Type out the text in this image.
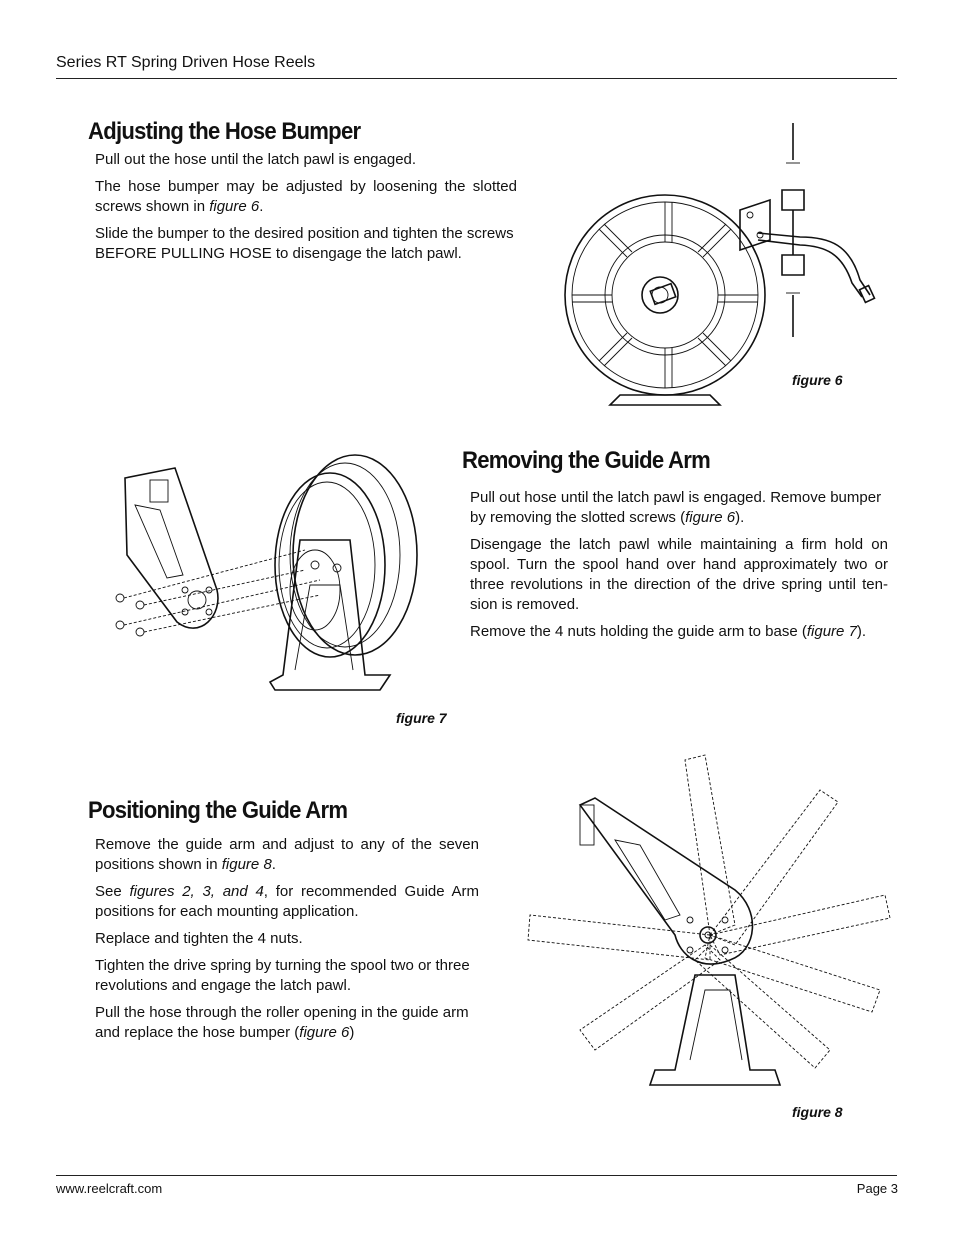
Series RT Spring Driven Hose Reels
Adjusting the Hose Bumper

Pull out the hose until the latch pawl is engaged.

The hose bumper may be adjusted by loosening the slotted screws shown in figure 6.

Slide the bumper to the desired position and tighten the screws BEFORE PULLING HOSE to disengage the latch pawl.

figure 6
figure 7
Removing the Guide Arm

Pull out hose until the latch pawl is engaged. Remove bumper by removing the slotted screws (figure 6).

Disengage the latch pawl while maintaining a firm hold on spool. Turn the spool hand over hand approximately two or three revolutions in the direction of the drive spring until ten-sion is removed.

Remove the 4 nuts holding the guide arm to base (figure 7).

Positioning the Guide Arm

Remove the guide arm and adjust to any of the seven positions shown in figure 8.

See figures 2, 3, and 4, for recommended Guide Arm positions for each mounting application.

Replace and tighten the 4 nuts.

Tighten the drive spring by turning the spool two or three revolutions and engage the latch pawl.

Pull the hose through the roller opening in the guide arm and replace the hose bumper (figure 6)

figure 8
www.reelcraft.com	Page 3
